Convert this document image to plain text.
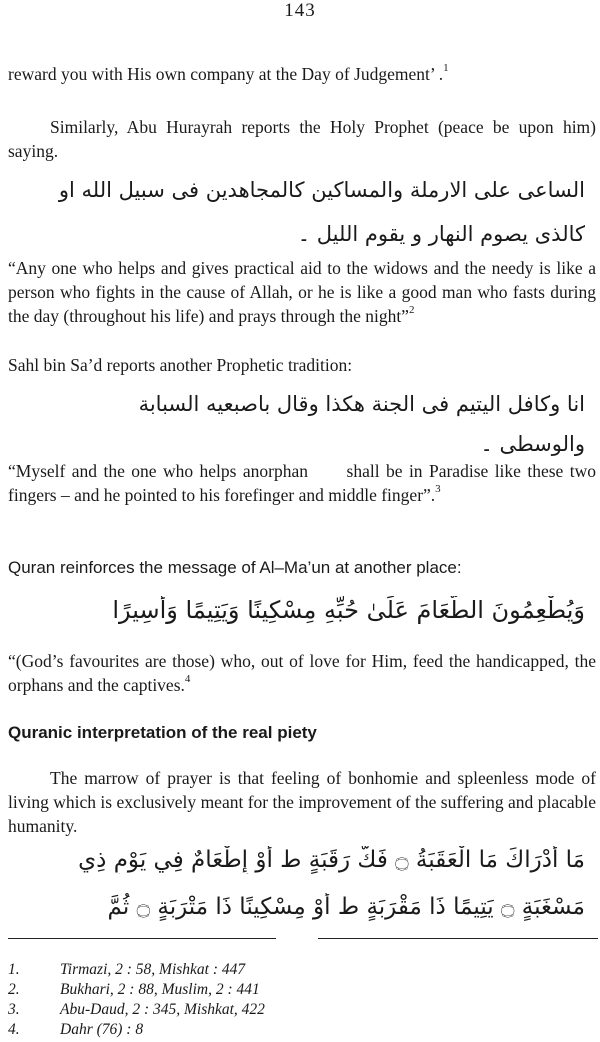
143
reward you with His own company at the Day of Judgement’ .$^1$
Similarly, Abu Hurayrah reports the Holy Prophet (peace be upon him) saying.
الساعی علی الارملة والمساکین کالمجاهدین فی سبیل الله او
کالذی یصوم النهار و یقوم اللیل ۔
“Any one who helps and gives practical aid to the widows and the needy is like a person who fights in the cause of Allah, or he is like a good man who fasts during the day (throughout his life) and prays through the night”$^2$
Sahl bin Sa’d reports another Prophetic tradition:
انا وکافل الیتیم فی الجنة هکذا وقال باصبعیه السبابة
والوسطی ۔
“Myself and the one who helps anorphan      shall be in Paradise like these two fingers – and he pointed to his forefinger and middle finger”.$^3$
Quran reinforces the message of Al–Ma’un at another place:
وَيُطْعِمُونَ الطَّعَامَ عَلَىٰ حُبِّهِ مِسْكِينًا وَيَتِيمًا وَأَسِيرًا
“(God’s favourites are those) who, out of love for Him, feed the handicapped, the orphans and the captives.$^4$
Quranic interpretation of the real piety
The marrow of prayer is that feeling of bonhomie and spleenless mode of living which is exclusively meant for the improvement of the suffering and placable humanity.
مَا أَدْرَاكَ مَا الْعَقَبَةُ ۝ فَكُّ رَقَبَةٍ ط أَوْ إِطْعَامٌ فِي يَوْمٍ ذِي
مَسْغَبَةٍ ۝ يَتِيمًا ذَا مَقْرَبَةٍ ط أَوْ مِسْكِينًا ذَا مَتْرَبَةٍ ۝ ثُمَّ
1.	Tirmazi, 2 : 58, Mishkat : 447
2.	Bukhari, 2 : 88, Muslim, 2 : 441
3.	Abu-Daud, 2 : 345, Mishkat, 422
4.	Dahr (76) : 8
